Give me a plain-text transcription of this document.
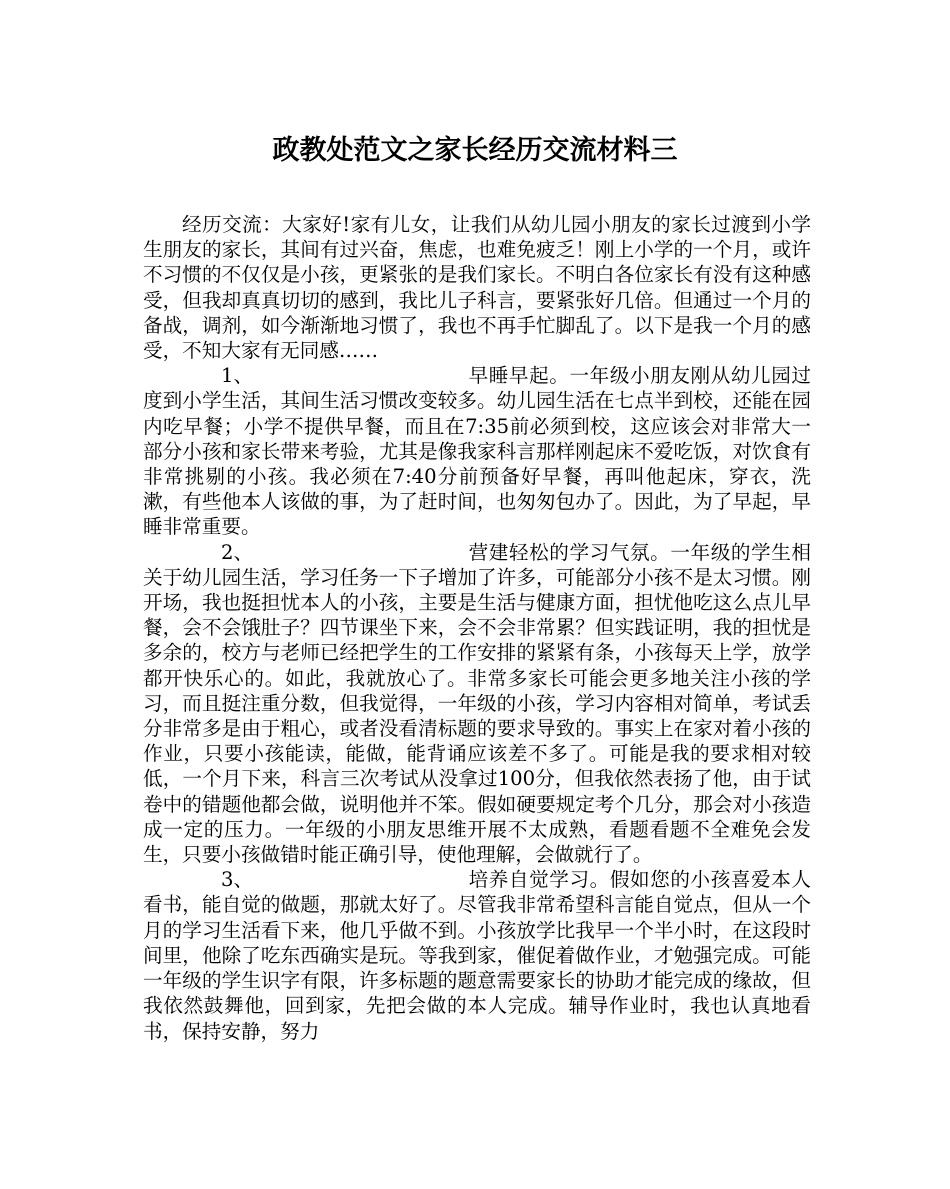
政教处范文之家长经历交流材料三

经历交流：大家好!家有儿女，让我们从幼儿园小朋友的家长过渡到小学生朋友的家长，其间有过兴奋，焦虑，也难免疲乏！刚上小学的一个月，或许不习惯的不仅仅是小孩，更紧张的是我们家长。不明白各位家长有没有这种感受，但我却真真切切的感到，我比儿子科言，要紧张好几倍。但通过一个月的备战，调剂，如今渐渐地习惯了，我也不再手忙脚乱了。以下是我一个月的感受，不知大家有无同感……

1、	早睡早起。一年级小朋友刚从幼儿园过度到小学生活，其间生活习惯改变较多。幼儿园生活在七点半到校，还能在园内吃早餐；小学不提供早餐，而且在7:35前必须到校，这应该会对非常大一部分小孩和家长带来考验，尤其是像我家科言那样刚起床不爱吃饭，对饮食有非常挑剔的小孩。我必须在7:40分前预备好早餐，再叫他起床，穿衣，洗漱，有些他本人该做的事，为了赶时间，也匆匆包办了。因此，为了早起，早睡非常重要。

2、	营建轻松的学习气氛。一年级的学生相关于幼儿园生活，学习任务一下子增加了许多，可能部分小孩不是太习惯。刚开场，我也挺担忧本人的小孩，主要是生活与健康方面，担忧他吃这么点儿早餐，会不会饿肚子？四节课坐下来，会不会非常累？但实践证明，我的担忧是多余的，校方与老师已经把学生的工作安排的紧紧有条，小孩每天上学，放学都开快乐心的。如此，我就放心了。非常多家长可能会更多地关注小孩的学习，而且挺注重分数，但我觉得，一年级的小孩，学习内容相对简单，考试丢分非常多是由于粗心，或者没看清标题的要求导致的。事实上在家对着小孩的作业，只要小孩能读，能做，能背诵应该差不多了。可能是我的要求相对较低，一个月下来，科言三次考试从没拿过100分，但我依然表扬了他，由于试卷中的错题他都会做，说明他并不笨。假如硬要规定考个几分，那会对小孩造成一定的压力。一年级的小朋友思维开展不太成熟，看题看题不全难免会发生，只要小孩做错时能正确引导，使他理解，会做就行了。

3、	培养自觉学习。假如您的小孩喜爱本人看书，能自觉的做题，那就太好了。尽管我非常希望科言能自觉点，但从一个月的学习生活看下来，他几乎做不到。小孩放学比我早一个半小时，在这段时间里，他除了吃东西确实是玩。等我到家，催促着做作业，才勉强完成。可能一年级的学生识字有限，许多标题的题意需要家长的协助才能完成的缘故，但我依然鼓舞他，回到家，先把会做的本人完成。辅导作业时，我也认真地看书，保持安静，努力
